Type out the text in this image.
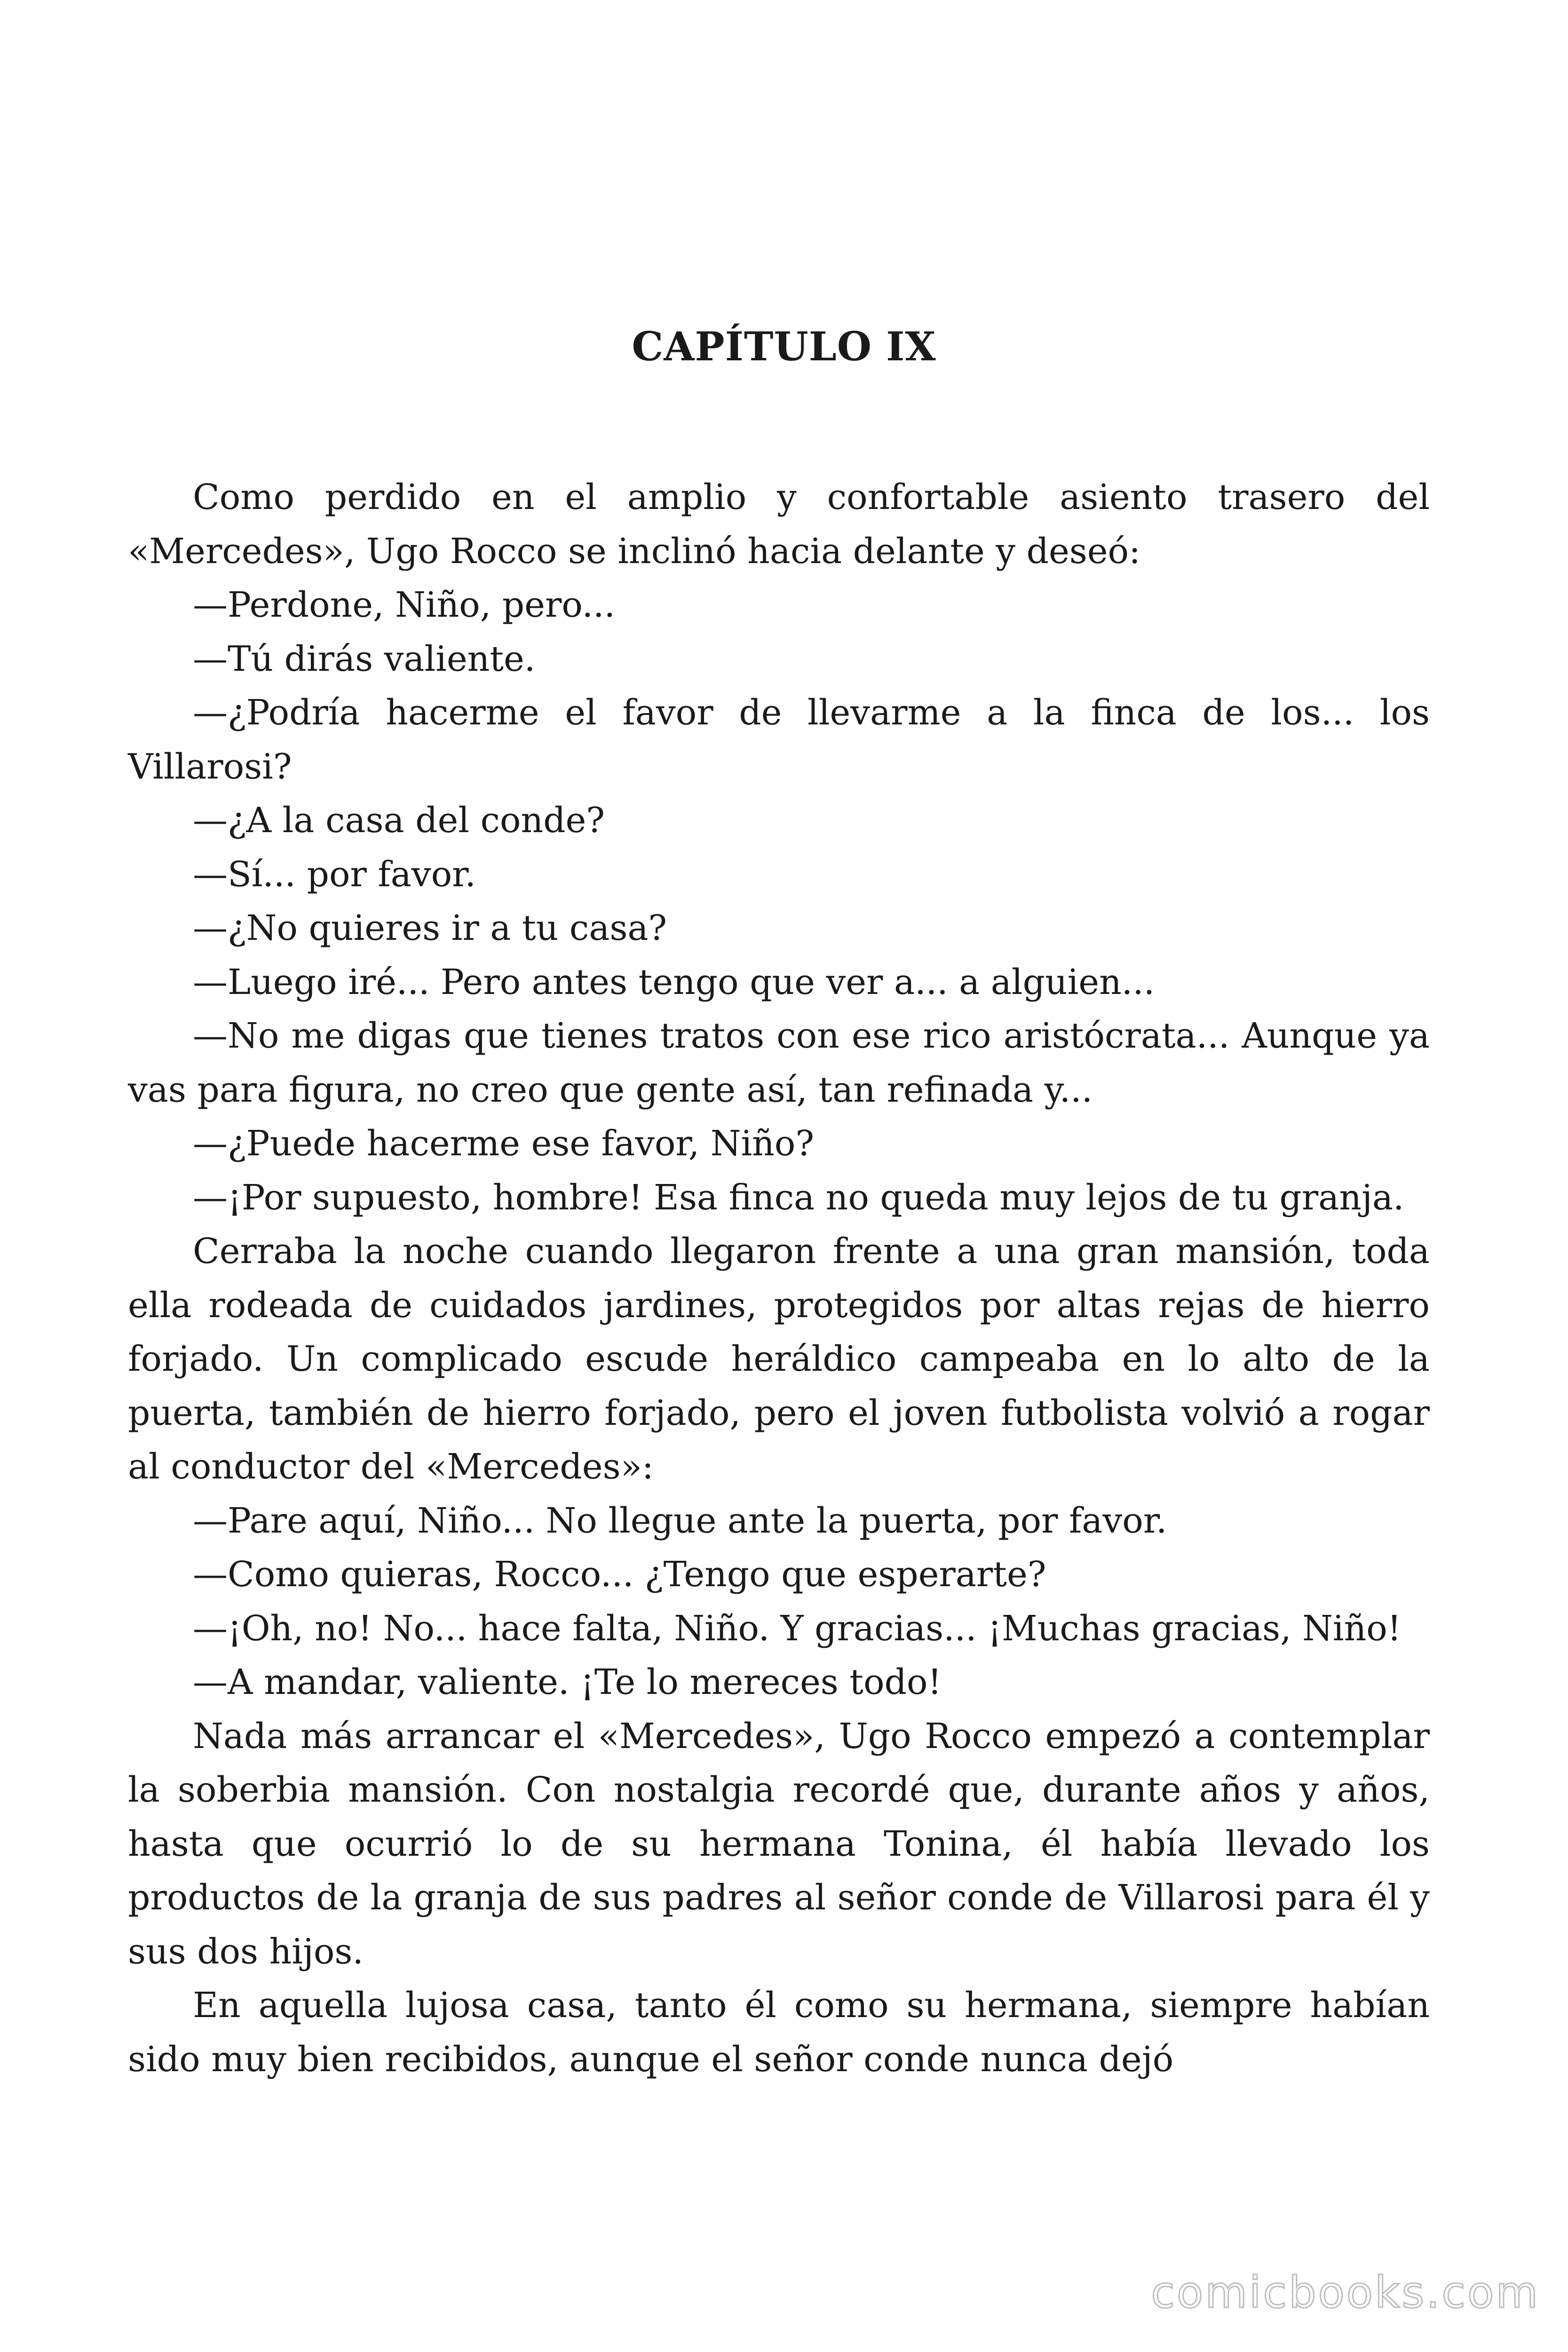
CAPÍTULO IX

Como perdido en el amplio y confortable asiento trasero del «Mercedes», Ugo Rocco se inclinó hacia delante y deseó:

—Perdone, Niño, pero...

—Tú dirás valiente.

—¿Podría hacerme el favor de llevarme a la finca de los... los Villarosi?

—¿A la casa del conde?

—Sí... por favor.

—¿No quieres ir a tu casa?

—Luego iré... Pero antes tengo que ver a... a alguien...

—No me digas que tienes tratos con ese rico aristócrata... Aunque ya vas para figura, no creo que gente así, tan refinada y...

—¿Puede hacerme ese favor, Niño?

—¡Por supuesto, hombre! Esa finca no queda muy lejos de tu granja.

Cerraba la noche cuando llegaron frente a una gran mansión, toda ella rodeada de cuidados jardines, protegidos por altas rejas de hierro forjado. Un complicado escude heráldico campeaba en lo alto de la puerta, también de hierro forjado, pero el joven futbolista volvió a rogar al conductor del «Mercedes»:

—Pare aquí, Niño... No llegue ante la puerta, por favor.

—Como quieras, Rocco... ¿Tengo que esperarte?

—¡Oh, no! No... hace falta, Niño. Y gracias... ¡Muchas gracias, Niño!

—A mandar, valiente. ¡Te lo mereces todo!

Nada más arrancar el «Mercedes», Ugo Rocco empezó a contemplar la soberbia mansión. Con nostalgia recordé que, durante años y años, hasta que ocurrió lo de su hermana Tonina, él había llevado los productos de la granja de sus padres al señor conde de Villarosi para él y sus dos hijos.

En aquella lujosa casa, tanto él como su hermana, siempre habían sido muy bien recibidos, aunque el señor conde nunca dejó

comicbooks.com
